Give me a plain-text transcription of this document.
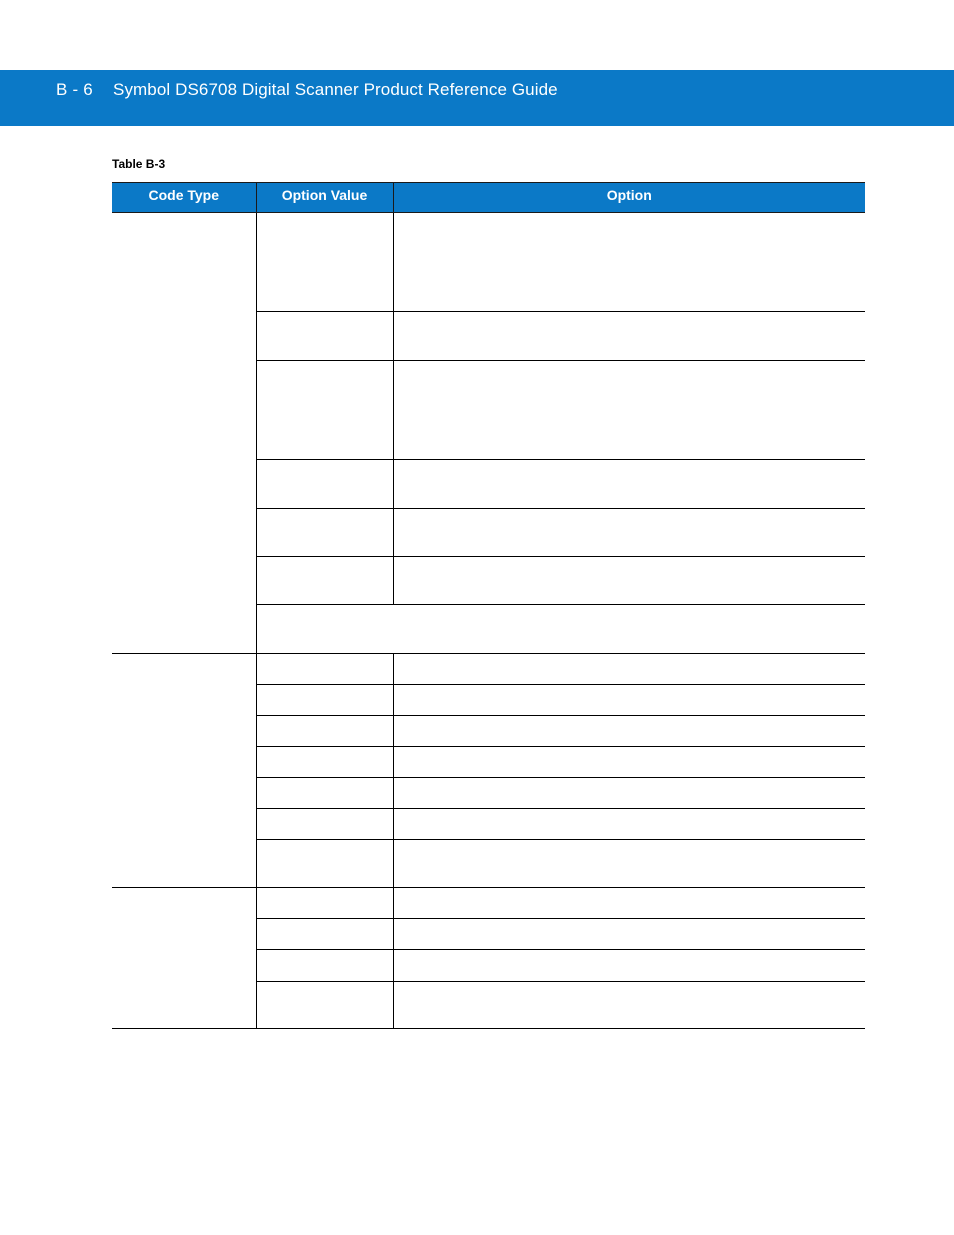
B - 6 Symbol DS6708 Digital Scanner Product Reference Guide
Table B-3
Code Type	Option Value	Option
